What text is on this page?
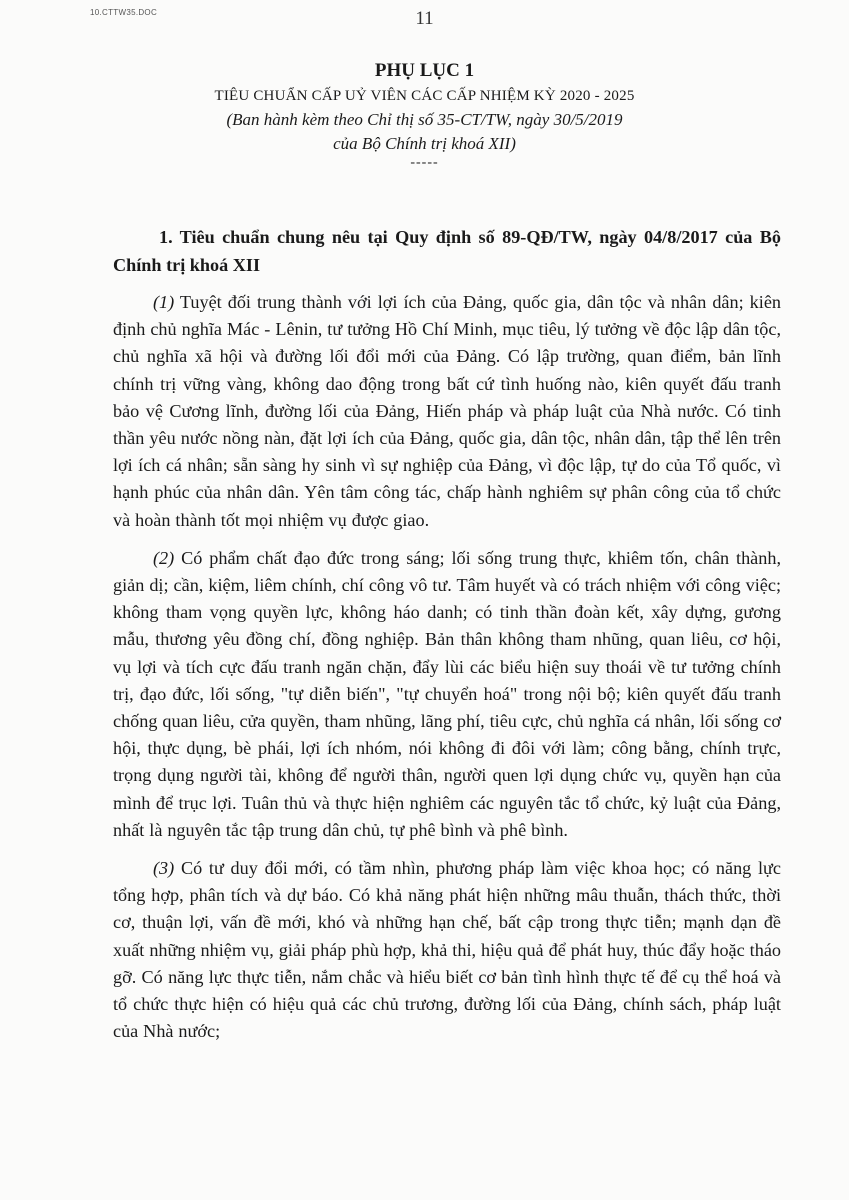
10.CTTW35.DOC	11
PHỤ LỤC 1
TIÊU CHUẨN CẤP UỶ VIÊN CÁC CẤP NHIỆM KỲ 2020 - 2025
(Ban hành kèm theo Chỉ thị số 35-CT/TW, ngày 30/5/2019
của Bộ Chính trị khoá XII)
-----

1. Tiêu chuẩn chung nêu tại Quy định số 89-QĐ/TW, ngày 04/8/2017 của Bộ Chính trị khoá XII

(1) Tuyệt đối trung thành với lợi ích của Đảng, quốc gia, dân tộc và nhân dân; kiên định chủ nghĩa Mác - Lênin, tư tưởng Hồ Chí Minh, mục tiêu, lý tưởng về độc lập dân tộc, chủ nghĩa xã hội và đường lối đổi mới của Đảng. Có lập trường, quan điểm, bản lĩnh chính trị vững vàng, không dao động trong bất cứ tình huống nào, kiên quyết đấu tranh bảo vệ Cương lĩnh, đường lối của Đảng, Hiến pháp và pháp luật của Nhà nước. Có tinh thần yêu nước nồng nàn, đặt lợi ích của Đảng, quốc gia, dân tộc, nhân dân, tập thể lên trên lợi ích cá nhân; sẵn sàng hy sinh vì sự nghiệp của Đảng, vì độc lập, tự do của Tổ quốc, vì hạnh phúc của nhân dân. Yên tâm công tác, chấp hành nghiêm sự phân công của tổ chức và hoàn thành tốt mọi nhiệm vụ được giao.

(2) Có phẩm chất đạo đức trong sáng; lối sống trung thực, khiêm tốn, chân thành, giản dị; cần, kiệm, liêm chính, chí công vô tư. Tâm huyết và có trách nhiệm với công việc; không tham vọng quyền lực, không háo danh; có tinh thần đoàn kết, xây dựng, gương mẫu, thương yêu đồng chí, đồng nghiệp. Bản thân không tham nhũng, quan liêu, cơ hội, vụ lợi và tích cực đấu tranh ngăn chặn, đẩy lùi các biểu hiện suy thoái về tư tưởng chính trị, đạo đức, lối sống, "tự diễn biến", "tự chuyển hoá" trong nội bộ; kiên quyết đấu tranh chống quan liêu, cửa quyền, tham nhũng, lãng phí, tiêu cực, chủ nghĩa cá nhân, lối sống cơ hội, thực dụng, bè phái, lợi ích nhóm, nói không đi đôi với làm; công bằng, chính trực, trọng dụng người tài, không để người thân, người quen lợi dụng chức vụ, quyền hạn của mình để trục lợi. Tuân thủ và thực hiện nghiêm các nguyên tắc tổ chức, kỷ luật của Đảng, nhất là nguyên tắc tập trung dân chủ, tự phê bình và phê bình.

(3) Có tư duy đổi mới, có tầm nhìn, phương pháp làm việc khoa học; có năng lực tổng hợp, phân tích và dự báo. Có khả năng phát hiện những mâu thuẫn, thách thức, thời cơ, thuận lợi, vấn đề mới, khó và những hạn chế, bất cập trong thực tiễn; mạnh dạn đề xuất những nhiệm vụ, giải pháp phù hợp, khả thi, hiệu quả để phát huy, thúc đẩy hoặc tháo gỡ. Có năng lực thực tiễn, nắm chắc và hiểu biết cơ bản tình hình thực tế để cụ thể hoá và tổ chức thực hiện có hiệu quả các chủ trương, đường lối của Đảng, chính sách, pháp luật của Nhà nước;
